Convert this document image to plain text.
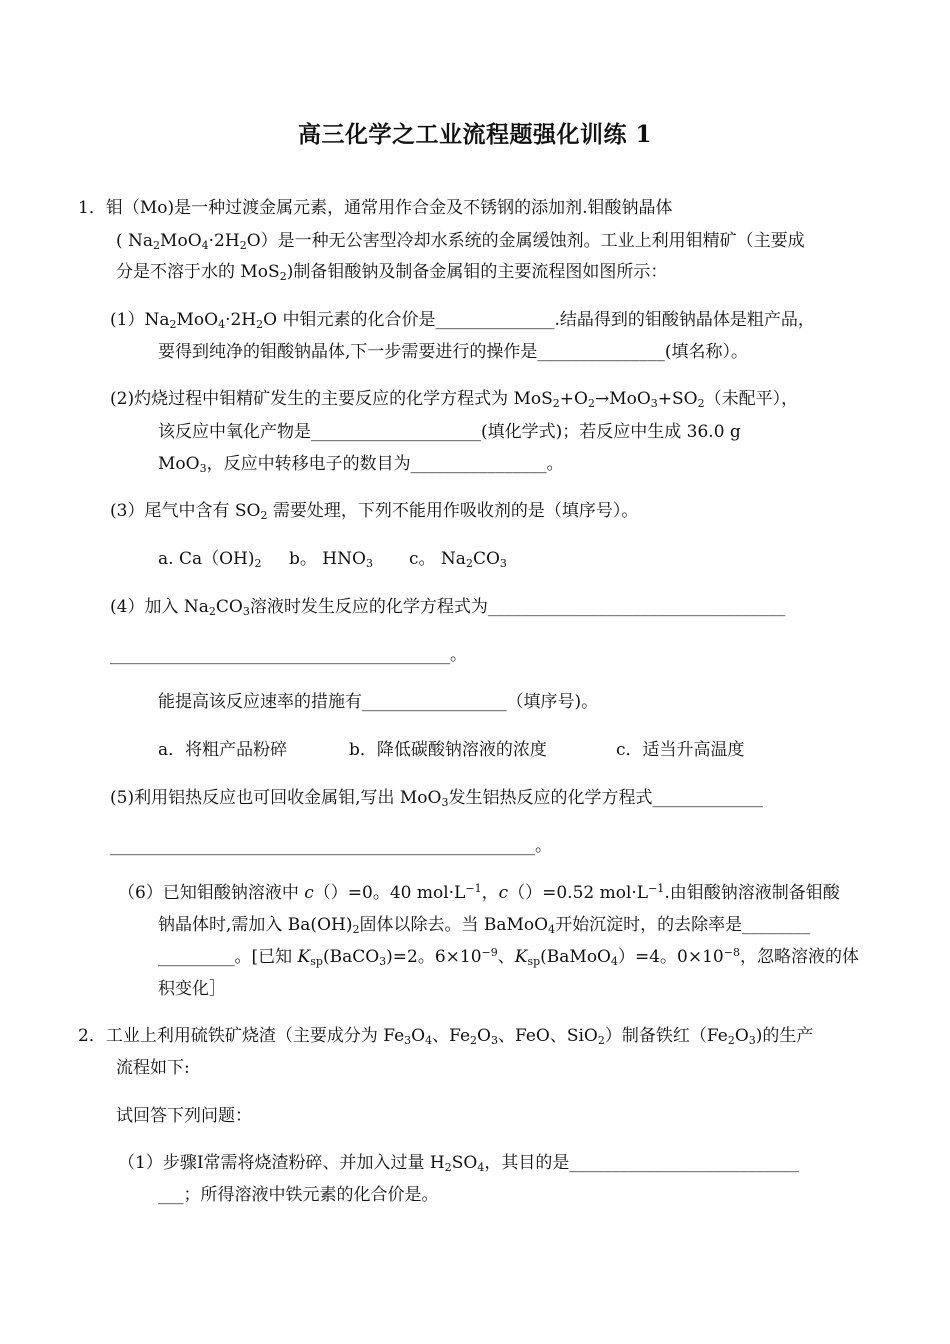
高三化学之工业流程题强化训练 1
1．钼（Mo)是一种过渡金属元素，通常用作合金及不锈钢的添加剂.钼酸钠晶体
( $Na_2MoO_4\cdot 2H_2O$）是一种无公害型冷却水系统的金属缓蚀剂。工业上利用钼精矿（主要成
分是不溶于水的 MoS$_2$)制备钼酸钠及制备金属钼的主要流程图如图所示：
$(1)Na_2MoO_4\cdot 2H_2O$ 中钼元素的化合价是______________.结晶得到的钼酸钠晶体是粗产品，
要得到纯净的钼酸钠晶体,下一步需要进行的操作是_______________(填名称）。
(2)灼烧过程中钼精矿发生的主要反应的化学方程式为 $MoS_2+O_2\to MoO_3+SO_2$（未配平），
该反应中氧化产物是____________________(填化学式)；若反应中生成 36.0 g
MoO$_3$，反应中转移电子的数目为________________。
(3）尾气中含有 $SO_2$ 需要处理，下列不能用作吸收剂的是（填序号）。
a. $Ca(OH)_2$ b。 $HNO_3$ c。 $Na_2CO_3$
(4）加入 $Na_2CO_3$溶液时发生反应的化学方程式为___________________________________
________________________________________。
能提高该反应速率的措施有_________________（填序号)。
a．将粗产品粉碎	b．降低碳酸钠溶液的浓度	c．适当升高温度
(5)利用铝热反应也可回收金属钼,写出 MoO$_3$发生铝热反应的化学方程式_____________
__________________________________________________。
（6）已知钼酸钠溶液中 c（）=0。40 $mol\cdot L^{-1}$，c（）=0.52 $mol\cdot L^{-1}$.由钼酸钠溶液制备钼酸
钠晶体时,需加入 $Ba(OH)_2$固体以除去。当 BaMoO$_4$开始沉淀时，的去除率是________
_________。[已知 $K_{sp}(BaCO_3)=2$。$6\times 10^{-9}$、$K_{sp}(BaMoO_4)=4$。$0\times 10^{-8}$，忽略溶液的体
积变化］
2．工业上利用硫铁矿烧渣（主要成分为 $Fe_3O_4$、$Fe_2O_3$、FeO、SiO$_2$）制备铁红$(Fe_2O_3)$的生产
流程如下:
试回答下列问题：
（1）步骤Ⅰ常需将烧渣粉碎、并加入过量 $H_2SO_4$，其目的是___________________________
___；所得溶液中铁元素的化合价是。
